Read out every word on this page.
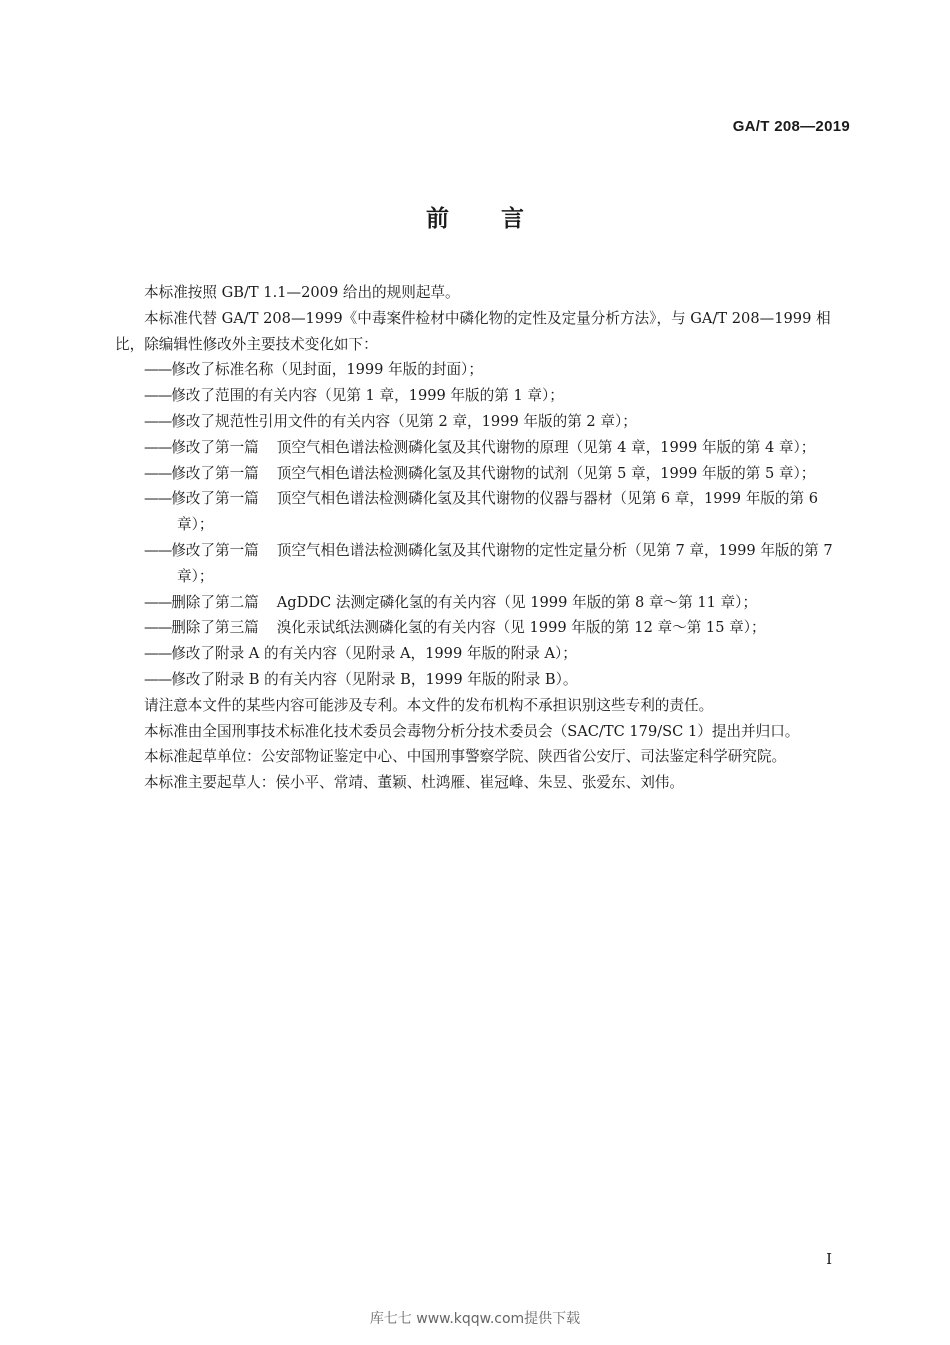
GA/T 208—2019
前言

本标准按照 GB/T 1.1—2009 给出的规则起草。

本标准代替 GA/T 208—1999《中毒案件检材中磷化物的定性及定量分析方法》，与 GA/T 208—1999 相比，除编辑性修改外主要技术变化如下：

——修改了标准名称（见封面，1999 年版的封面）；

——修改了范围的有关内容（见第 1 章，1999 年版的第 1 章）；

——修改了规范性引用文件的有关内容（见第 2 章，1999 年版的第 2 章）；

——修改了第一篇 顶空气相色谱法检测磷化氢及其代谢物的原理（见第 4 章，1999 年版的第 4 章）；

——修改了第一篇 顶空气相色谱法检测磷化氢及其代谢物的试剂（见第 5 章，1999 年版的第 5 章）；

——修改了第一篇 顶空气相色谱法检测磷化氢及其代谢物的仪器与器材（见第 6 章，1999 年版的第 6 章）；

——修改了第一篇 顶空气相色谱法检测磷化氢及其代谢物的定性定量分析（见第 7 章，1999 年版的第 7 章）；

——删除了第二篇 AgDDC 法测定磷化氢的有关内容（见 1999 年版的第 8 章～第 11 章）；

——删除了第三篇 溴化汞试纸法测磷化氢的有关内容（见 1999 年版的第 12 章～第 15 章）；

——修改了附录 A 的有关内容（见附录 A，1999 年版的附录 A）；

——修改了附录 B 的有关内容（见附录 B，1999 年版的附录 B）。

请注意本文件的某些内容可能涉及专利。本文件的发布机构不承担识别这些专利的责任。

本标准由全国刑事技术标准化技术委员会毒物分析分技术委员会（SAC/TC 179/SC 1）提出并归口。

本标准起草单位：公安部物证鉴定中心、中国刑事警察学院、陕西省公安厅、司法鉴定科学研究院。

本标准主要起草人：侯小平、常靖、董颖、杜鸿雁、崔冠峰、朱昱、张爱东、刘伟。

I
库七七 www.kqqw.com提供下载
